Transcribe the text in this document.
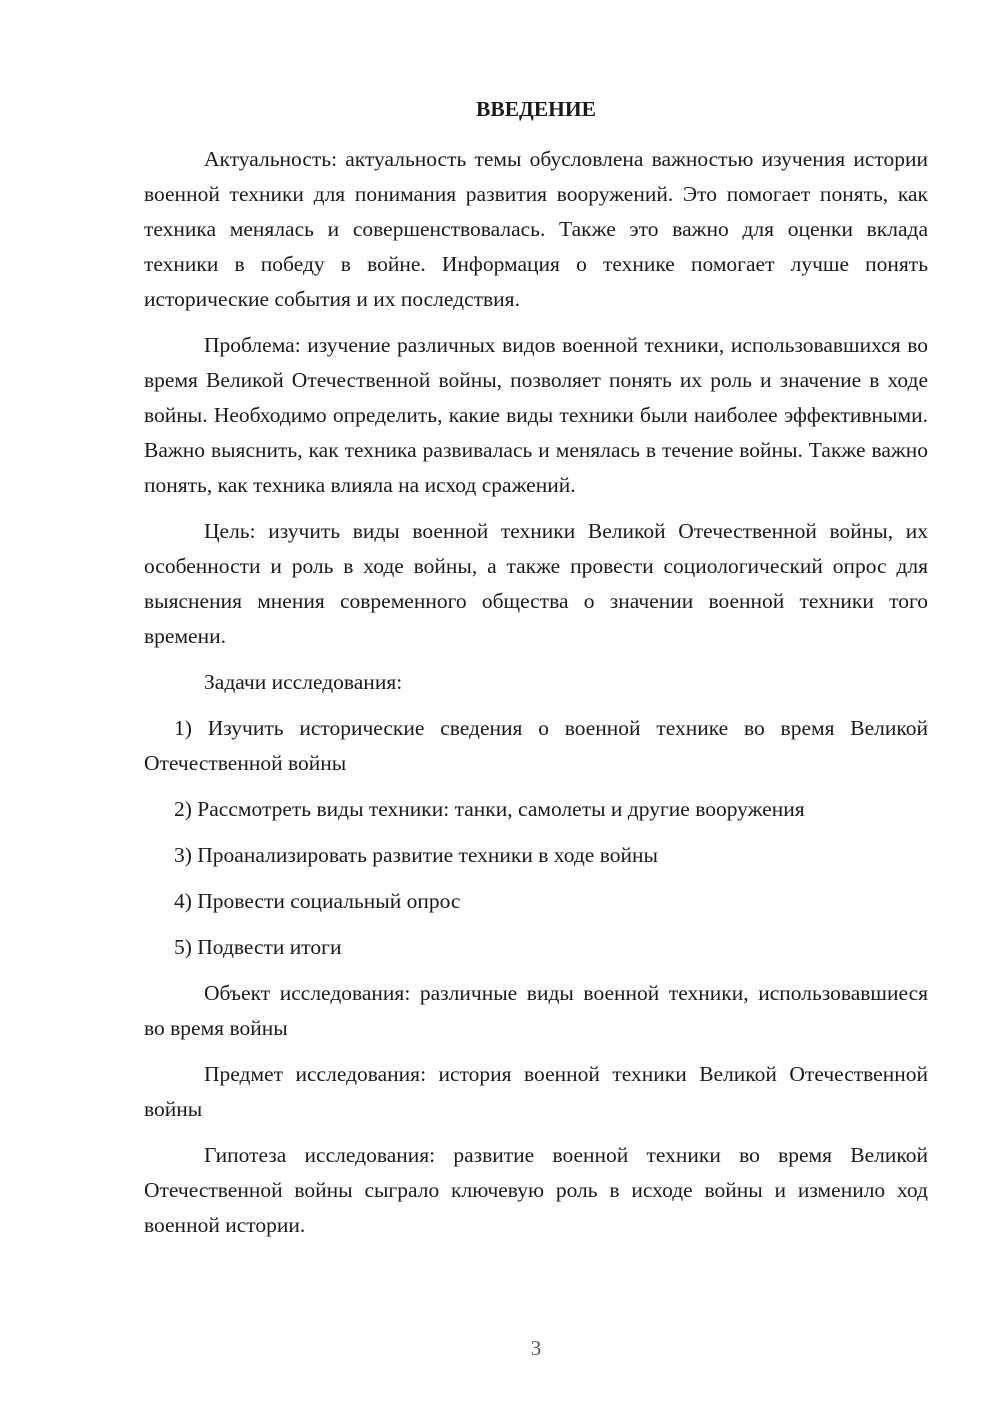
ВВЕДЕНИЕ

Актуальность: актуальность темы обусловлена важностью изучения истории военной техники для понимания развития вооружений. Это помогает понять, как техника менялась и совершенствовалась. Также это важно для оценки вклада техники в победу в войне. Информация о технике помогает лучше понять исторические события и их последствия.

Проблема: изучение различных видов военной техники, использовавшихся во время Великой Отечественной войны, позволяет понять их роль и значение в ходе войны. Необходимо определить, какие виды техники были наиболее эффективными. Важно выяснить, как техника развивалась и менялась в течение войны. Также важно понять, как техника влияла на исход сражений.

Цель: изучить виды военной техники Великой Отечественной войны, их особенности и роль в ходе войны, а также провести социологический опрос для выяснения мнения современного общества о значении военной техники того времени.

Задачи исследования:

1) Изучить исторические сведения о военной технике во время Великой Отечественной войны

2) Рассмотреть виды техники: танки, самолеты и другие вооружения

3) Проанализировать развитие техники в ходе войны

4) Провести социальный опрос

5) Подвести итоги

Объект исследования: различные виды военной техники, использовавшиеся во время войны

Предмет исследования: история военной техники Великой Отечественной войны

Гипотеза исследования: развитие военной техники во время Великой Отечественной войны сыграло ключевую роль в исходе войны и изменило ход военной истории.

3
